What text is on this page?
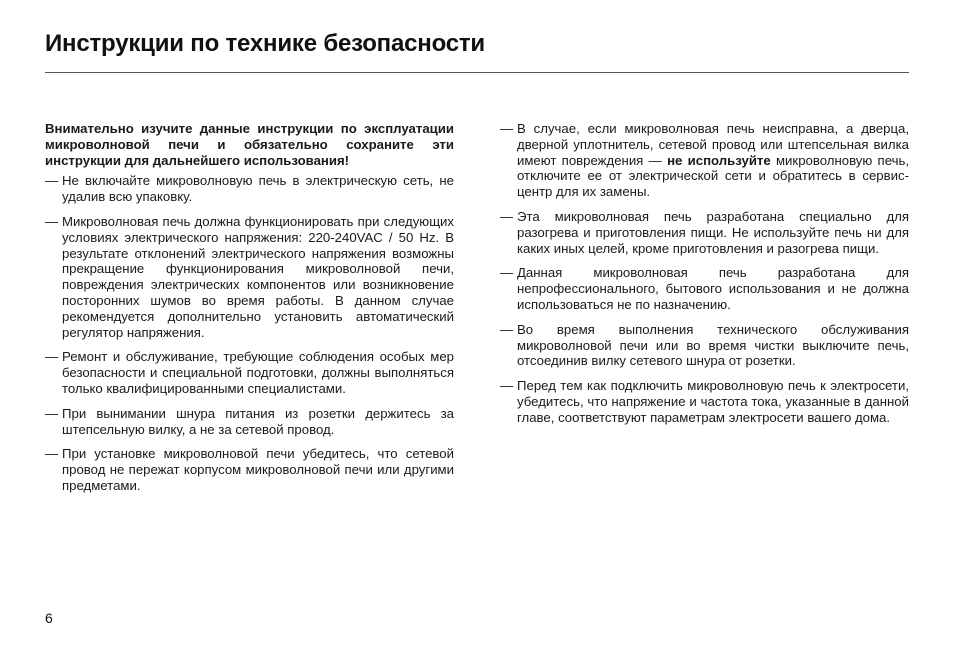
Инструкции по технике безопасности

Внимательно изучите данные инструкции по эксплуатации микроволновой печи и обязательно сохраните эти инструкции для дальнейшего использования!

— Не включайте микроволновую печь в электрическую сеть, не удалив всю упаковку.
— Микроволновая печь должна функционировать при следующих условиях электрического напряжения: 220-240VAC / 50 Hz. В результате отклонений электрического напряжения возможны прекращение функционирования микроволновой печи, повреждения электрических компонентов или возникновение посторонних шумов во время работы. В данном случае рекомендуется дополнительно установить автоматический регулятор напряжения.
— Ремонт и обслуживание, требующие соблюдения особых мер безопасности и специальной подготовки, должны выполняться только квалифицированными специалистами.
— При вынимании шнура питания из розетки держитесь за штепсельную вилку, а не за сетевой провод.
— При установке микроволновой печи убедитесь, что сетевой провод не пережат корпусом микроволновой печи или другими предметами.
— В случае, если микроволновая печь неисправна, а дверца, дверной уплотнитель, сетевой провод или штепсельная вилка имеют повреждения — не используйте микроволновую печь, отключите ее от электрической сети и обратитесь в сервис-центр для их замены.
— Эта микроволновая печь разработана специально для разогрева и приготовления пищи. Не используйте печь ни для каких иных целей, кроме приготовления и разогрева пищи.
— Данная микроволновая печь разработана для непрофессионального, бытового использования и не должна использоваться не по назначению.
— Во время выполнения технического обслуживания микроволновой печи или во время чистки выключите печь, отсоединив вилку сетевого шнура от розетки.
— Перед тем как подключить микроволновую печь к электросети, убедитесь, что напряжение и частота тока, указанные в данной главе, соответствуют параметрам электросети вашего дома.
6
